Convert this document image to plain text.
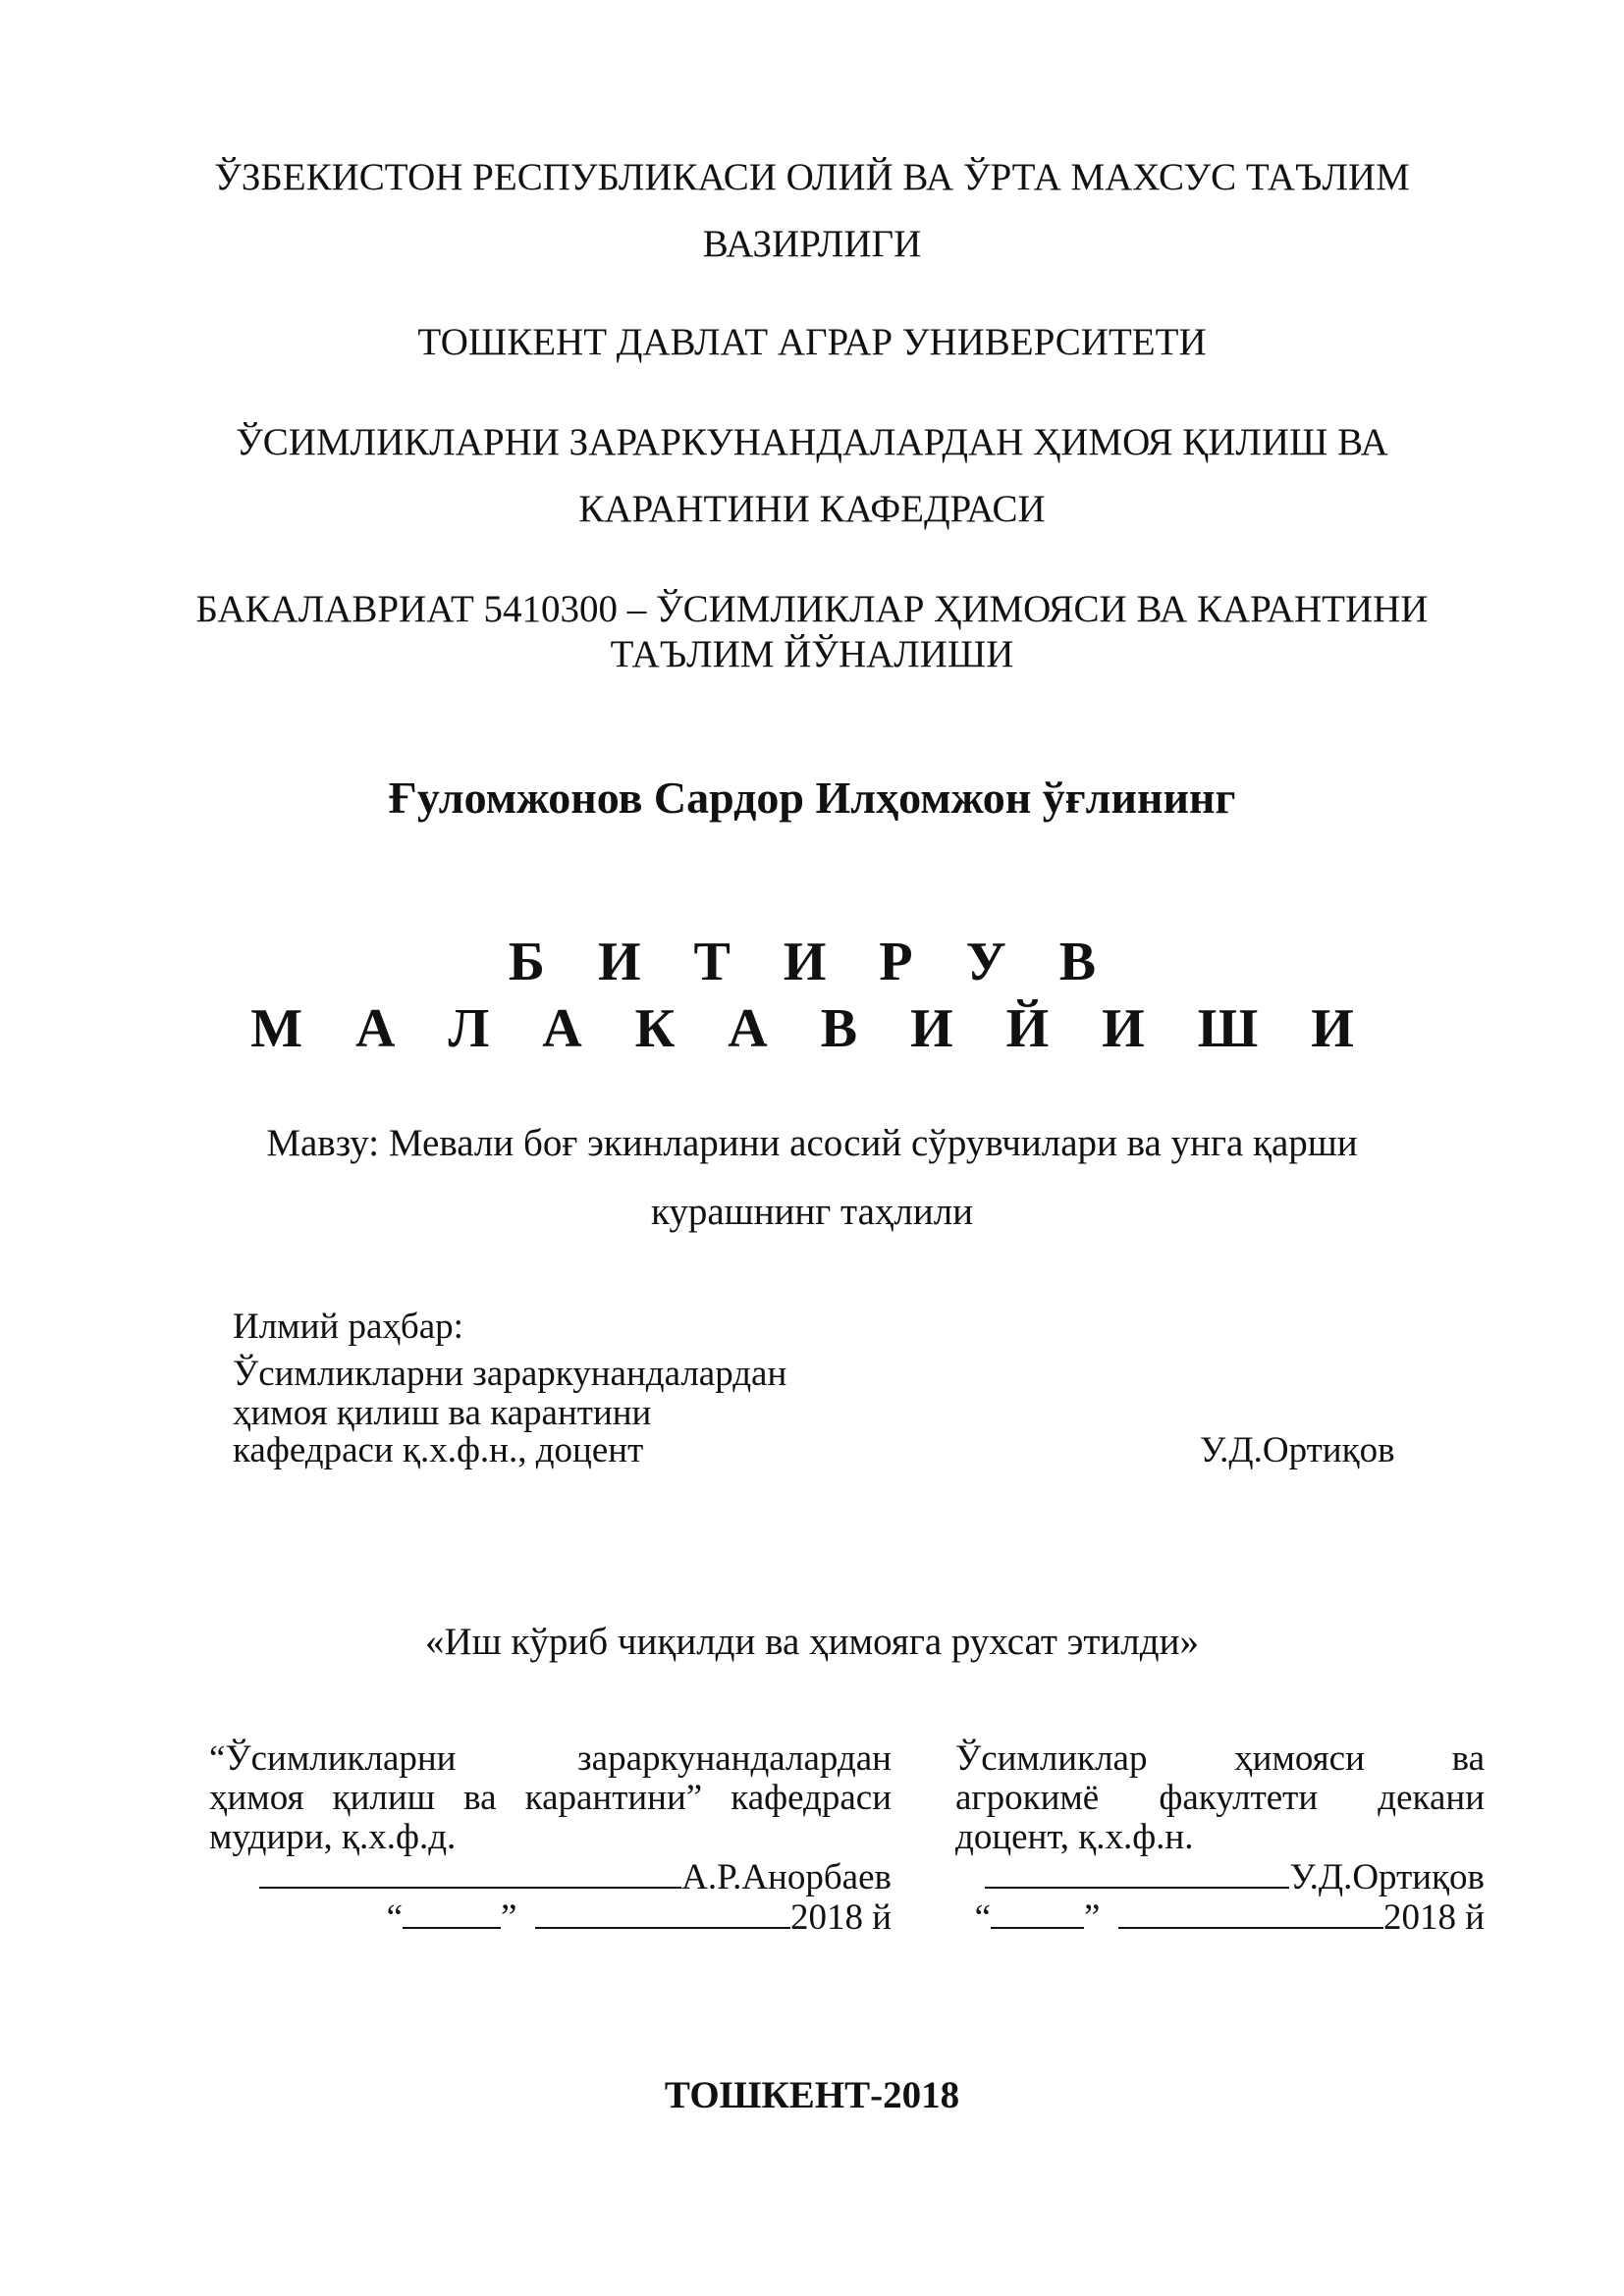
ЎЗБЕКИСТОН РЕСПУБЛИКАСИ ОЛИЙ ВА ЎРТА МАХСУС ТАЪЛИМ
ВАЗИРЛИГИ
ТОШКЕНТ ДАВЛАТ АГРАР УНИВЕРСИТЕТИ
ЎСИМЛИКЛАРНИ ЗАРАРКУНАНДАЛАРДАН ҲИМОЯ ҚИЛИШ ВА
КАРАНТИНИ КАФЕДРАСИ
БАКАЛАВРИАТ 5410300 – ЎСИМЛИКЛАР ҲИМОЯСИ ВА КАРАНТИНИ
ТАЪЛИМ ЙЎНАЛИШИ
Ғуломжонов Сардор Илҳомжон ўғлининг
Б И Т И Р У В
М А Л А К А В И Й И Ш И
Мавзу: Мевали боғ экинларини асосий сўрувчилари ва унга қарши
курашнинг таҳлили
Илмий раҳбар:
Ўсимликларни зараркунандалардан
ҳимоя қилиш ва карантини
кафедраси қ.х.ф.н., доцент	У.Д.Ортиқов
«Иш кўриб чиқилди ва ҳимояга рухсат этилди»
“Ўсимликларни зараркунандалардан
ҳимоя қилиш ва карантини” кафедраси
мудири, қ.х.ф.д.
А.Р.Анорбаев
“	”	2018 й
Ўсимликлар ҳимояси ва
агрокимё факултети декани
доцент, қ.х.ф.н.
У.Д.Ортиқов
“	”	2018 й
ТОШКЕНТ-2018
